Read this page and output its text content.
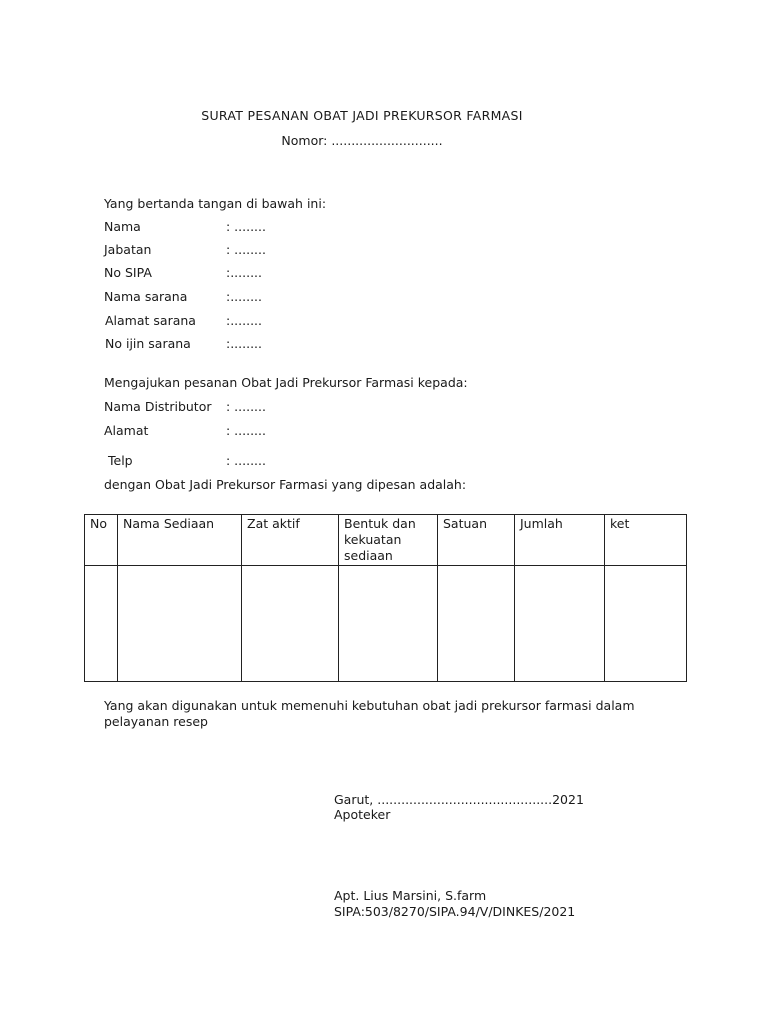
SURAT PESANAN OBAT JADI PREKURSOR FARMASI
Nomor: ............................
Yang bertanda tangan di bawah ini:
Nama	: ........
Jabatan	: ........
No SIPA	:........
Nama sarana	:........
Alamat sarana :........
No ijin sarana	:........
Mengajukan pesanan Obat Jadi Prekursor Farmasi kepada:
Nama Distributor : ........
Alamat	: ........
Telp	: ........
dengan Obat Jadi Prekursor Farmasi yang dipesan adalah:
No	Nama Sediaan	Zat aktif	Bentuk dan kekuatan sediaan	Satuan	Jumlah	ket

Yang akan digunakan untuk memenuhi kebutuhan obat jadi prekursor farmasi dalam pelayanan resep
Garut, ............................................2021
Apoteker
Apt. Lius Marsini, S.farm
SIPA:503/8270/SIPA.94/V/DINKES/2021
